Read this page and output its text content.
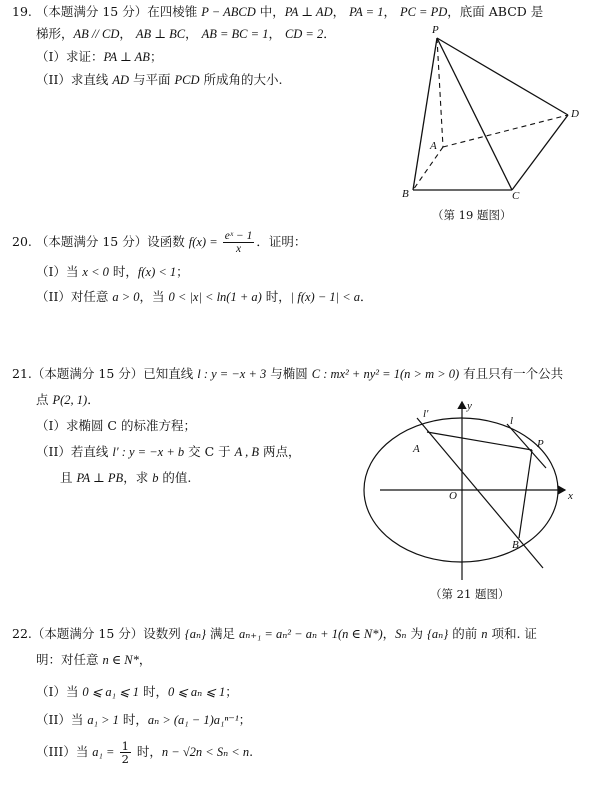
19. （本题满分 15 分）在四棱锥 P − ABCD 中，PA ⊥ AD， PA = 1， PC = PD，底面 ABCD 是
梯形，AB // CD， AB ⊥ BC， AB = BC = 1， CD = 2．
（I）求证：PA ⊥ AB；
（II）求直线 AD 与平面 PCD 所成角的大小.
P
A
B	C
D
（第 19 题图）
20. （本题满分 15 分）设函数 $f(x) = \frac{\text{eˣ − 1}}{x}$ ．证明：
（I）当 x < 0 时，f(x) < 1；
（II）对任意 a > 0，当 0 < |x| < ln(1 + a) 时，| f(x) − 1| < a．
21.（本题满分 15 分）已知直线 l : y = −x + 3 与椭圆 C : mx² + ny² = 1(n > m > 0) 有且只有一个公共
点 P(2, 1)．
（I）求椭圆 C 的标准方程；
（II）若直线 l′ : y = −x + b 交 C 于 A , B 两点，
且 PA ⊥ PB，求 b 的值.
l′
l
y
x
O
A	P
B
（第 21 题图）
22.（本题满分 15 分）设数列 {aₙ} 满足 aₙ₊₁ = aₙ² − aₙ + 1(n ∈ N*)，Sₙ 为 {aₙ} 的前 n 项和. 证
明：对任意 n ∈ N*，
（I）当 0 ⩽ a₁ ⩽ 1 时，0 ⩽ aₙ ⩽ 1；
（II）当 a₁ > 1 时，aₙ > (a₁ − 1)a₁ⁿ⁻¹；
（III）当 $a_1 = \frac{1}{2}$ 时，n − √2n < Sₙ < n.
